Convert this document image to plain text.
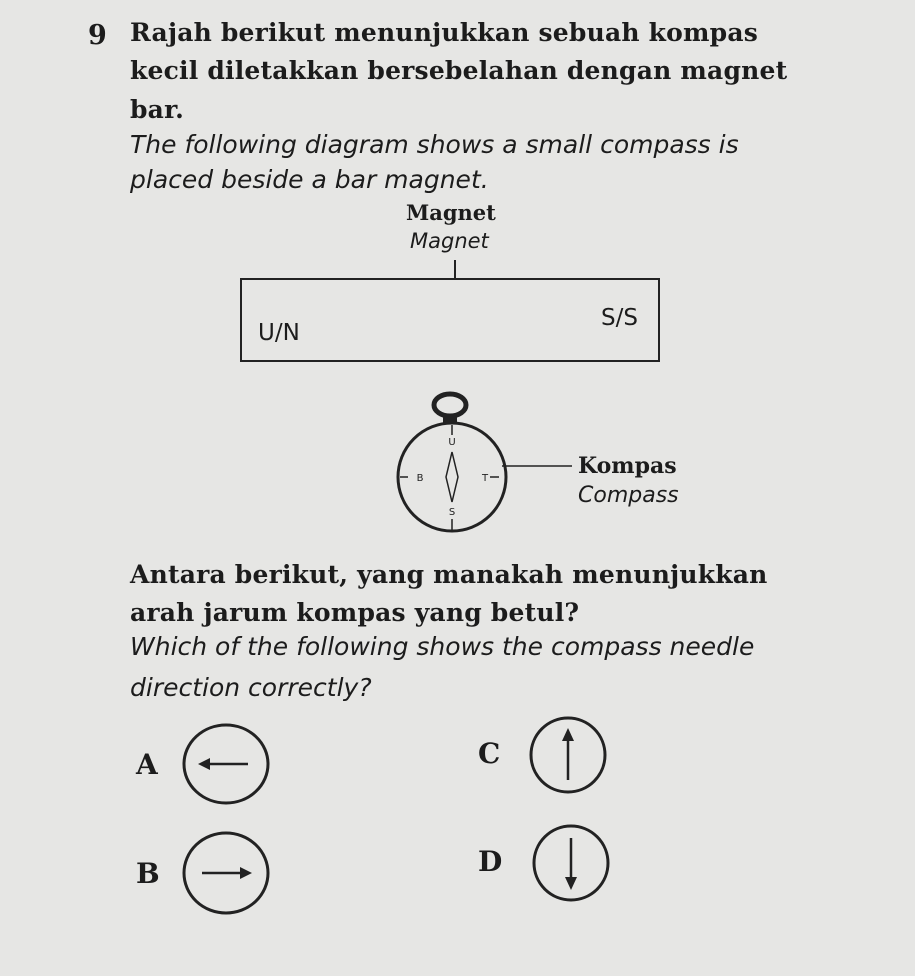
9 Rajah berikut menunjukkan sebuah kompas
kecil diletakkan bersebelahan dengan magnet
bar.
The following diagram shows a small compass is
placed beside a bar magnet.
Magnet
Magnet
U/N
S/S
U
S
B	T	Kompas
Compass
Antara berikut, yang manakah menunjukkan
arah jarum kompas yang betul?
Which of the following shows the compass needle
direction correctly?
A
B
C
D
